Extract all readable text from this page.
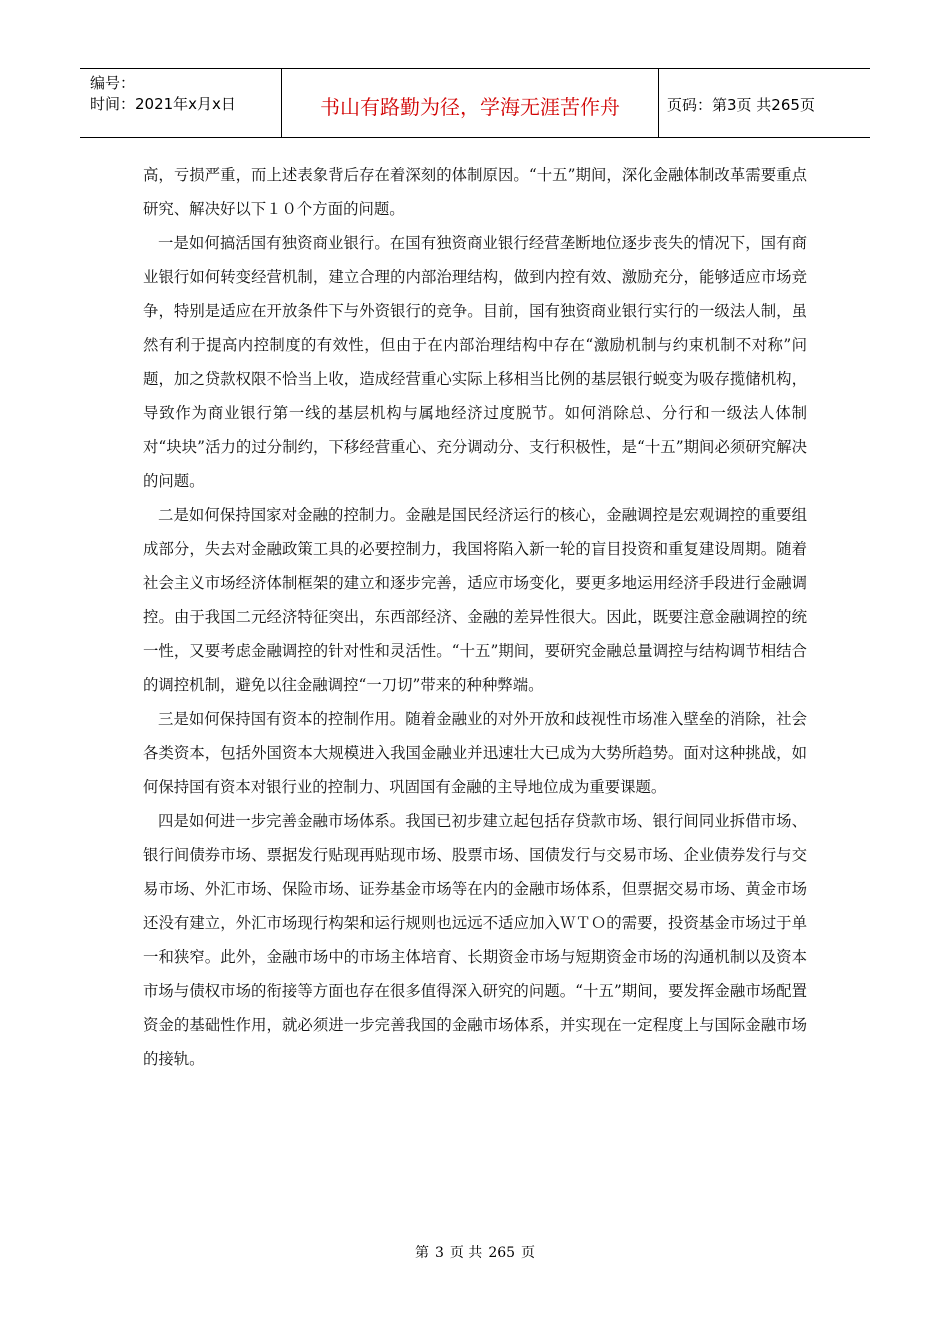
编号：
时间：2021年x月x日	书山有路勤为径，学海无涯苦作舟	页码：第3页 共265页

高，亏损严重，而上述表象背后存在着深刻的体制原因。“十五”期间，深化金融体制改革需要重点研究、解决好以下１０个方面的问题。

一是如何搞活国有独资商业银行。在国有独资商业银行经营垄断地位逐步丧失的情况下，国有商业银行如何转变经营机制，建立合理的内部治理结构，做到内控有效、激励充分，能够适应市场竞争，特别是适应在开放条件下与外资银行的竞争。目前，国有独资商业银行实行的一级法人制，虽然有利于提高内控制度的有效性，但由于在内部治理结构中存在“激励机制与约束机制不对称”问题，加之贷款权限不恰当上收，造成经营重心实际上移相当比例的基层银行蜕变为吸存揽储机构，导致作为商业银行第一线的基层机构与属地经济过度脱节。如何消除总、分行和一级法人体制对“块块”活力的过分制约，下移经营重心、充分调动分、支行积极性，是“十五”期间必须研究解决的问题。

二是如何保持国家对金融的控制力。金融是国民经济运行的核心，金融调控是宏观调控的重要组成部分，失去对金融政策工具的必要控制力，我国将陷入新一轮的盲目投资和重复建设周期。随着社会主义市场经济体制框架的建立和逐步完善，适应市场变化，要更多地运用经济手段进行金融调控。由于我国二元经济特征突出，东西部经济、金融的差异性很大。因此，既要注意金融调控的统一性，又要考虑金融调控的针对性和灵活性。“十五”期间，要研究金融总量调控与结构调节相结合的调控机制，避免以往金融调控“一刀切”带来的种种弊端。

三是如何保持国有资本的控制作用。随着金融业的对外开放和歧视性市场准入壁垒的消除，社会各类资本，包括外国资本大规模进入我国金融业并迅速壮大已成为大势所趋势。面对这种挑战，如何保持国有资本对银行业的控制力、巩固国有金融的主导地位成为重要课题。

四是如何进一步完善金融市场体系。我国已初步建立起包括存贷款市场、银行间同业拆借市场、银行间债券市场、票据发行贴现再贴现市场、股票市场、国债发行与交易市场、企业债券发行与交易市场、外汇市场、保险市场、证券基金市场等在内的金融市场体系，但票据交易市场、黄金市场还没有建立，外汇市场现行构架和运行规则也远远不适应加入ＷＴＯ的需要，投资基金市场过于单一和狭窄。此外，金融市场中的市场主体培育、长期资金市场与短期资金市场的沟通机制以及资本市场与债权市场的衔接等方面也存在很多值得深入研究的问题。“十五”期间，要发挥金融市场配置资金的基础性作用，就必须进一步完善我国的金融市场体系，并实现在一定程度上与国际金融市场的接轨。

第 3 页 共 265 页
